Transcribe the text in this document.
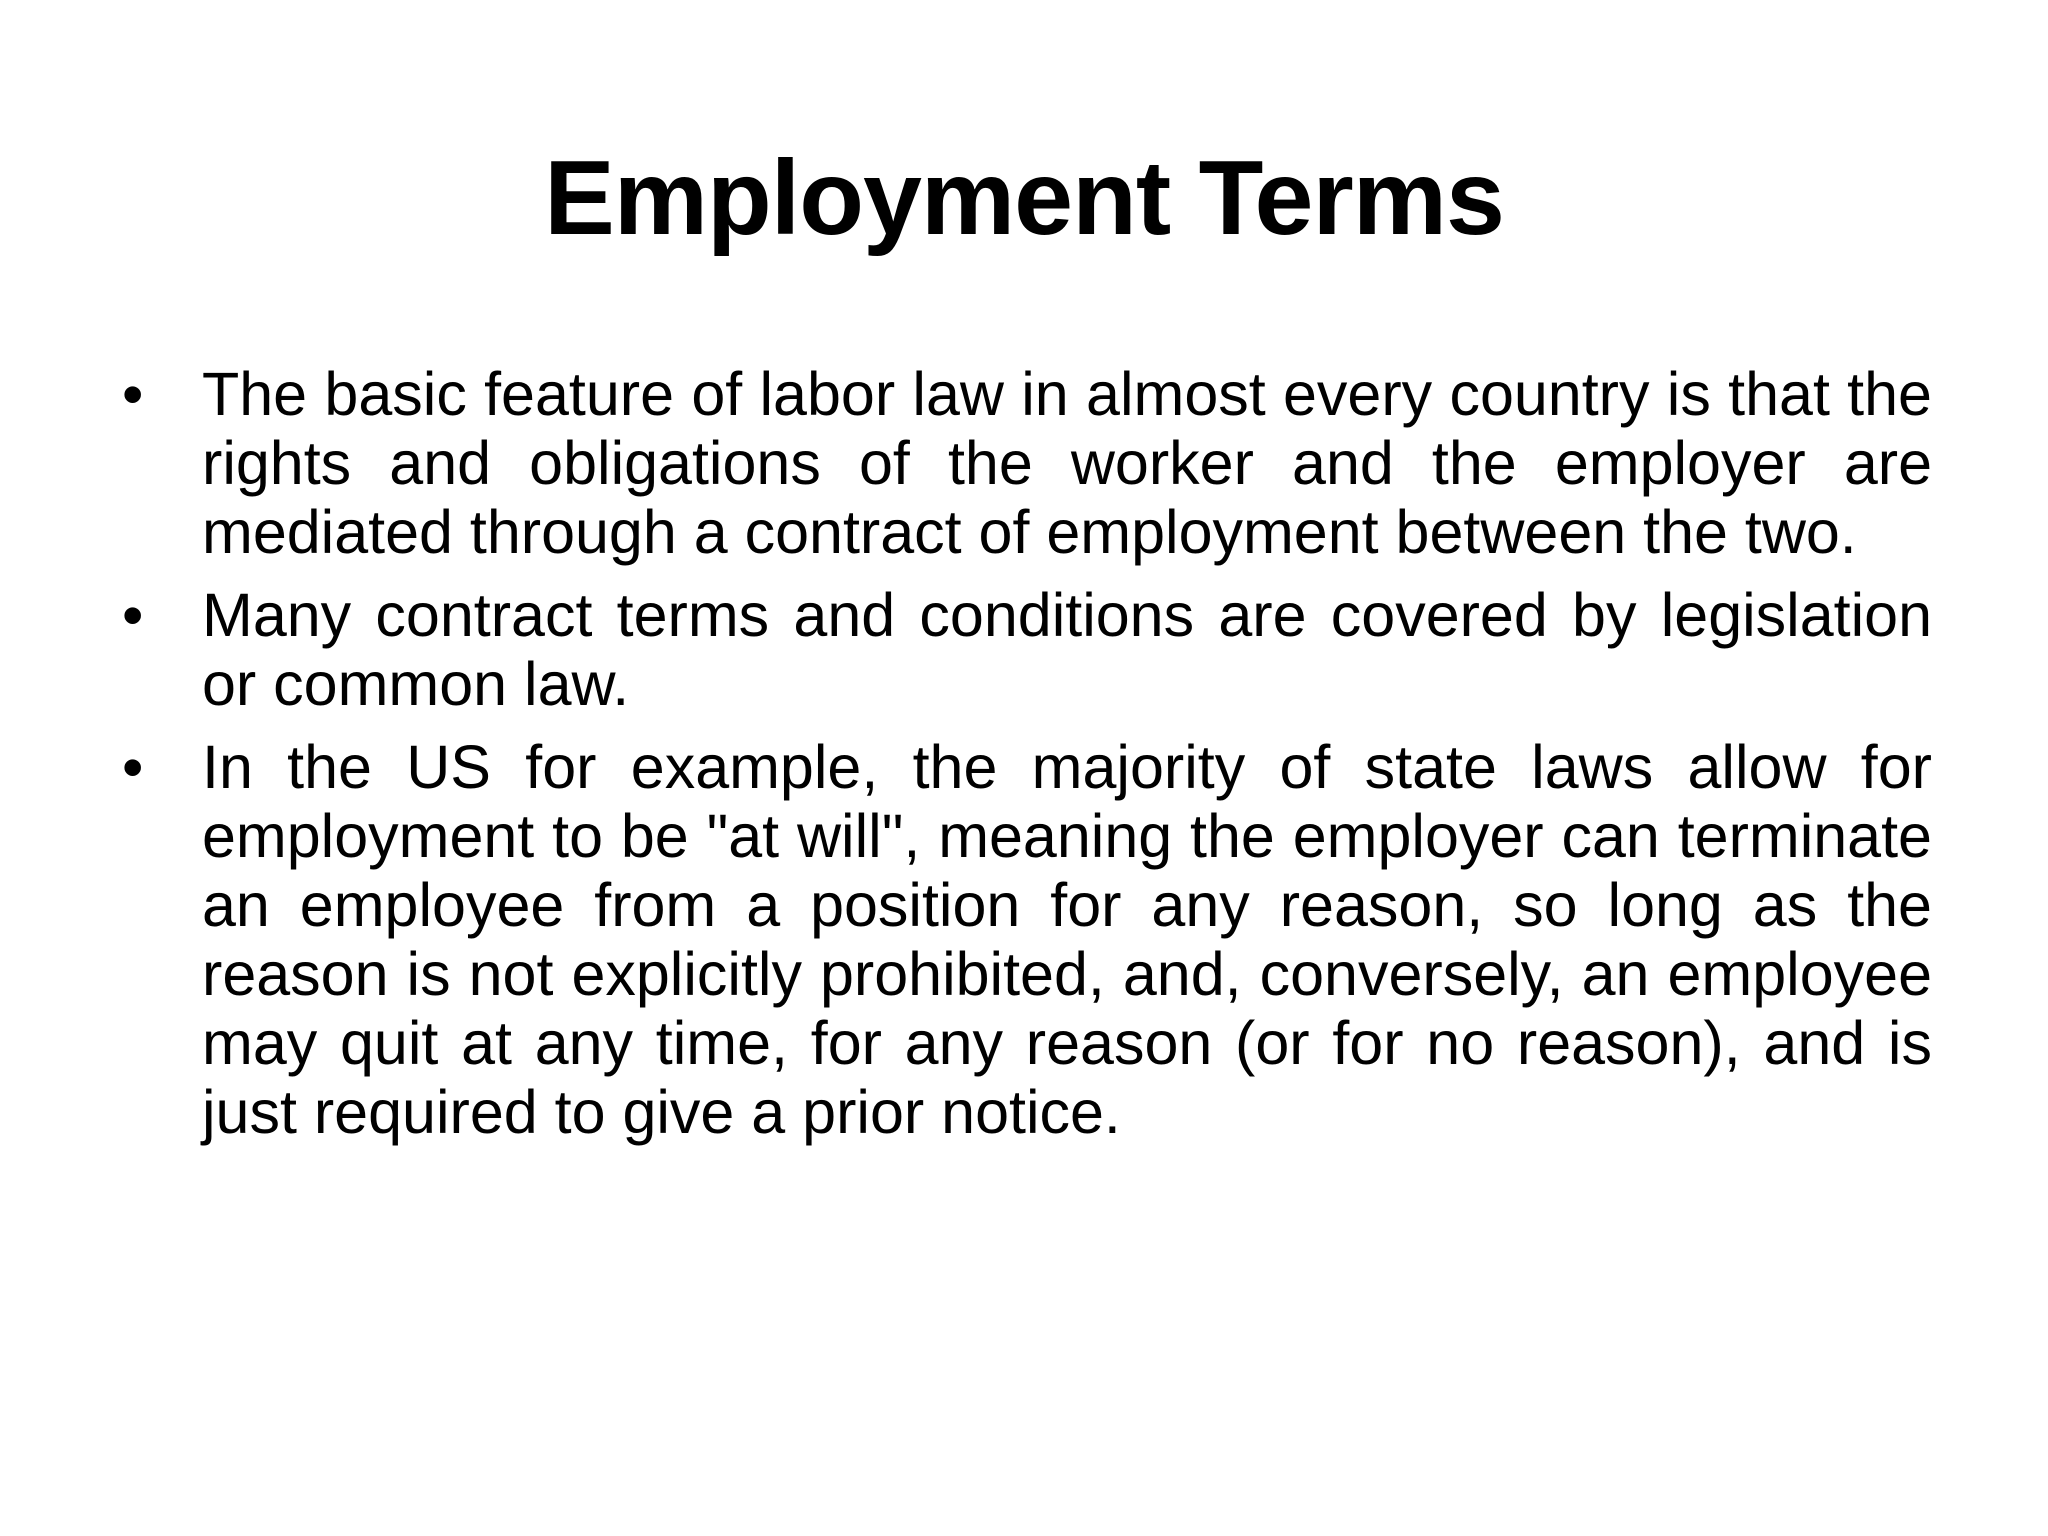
Employment Terms
• The basic feature of labor law in almost every country is that the rights and obligations of the worker and the employer are mediated through a contract of employment between the two.
• Many contract terms and conditions are covered by legislation or common law.
• In the US for example, the majority of state laws allow for employment to be "at will", meaning the employer can terminate an employee from a position for any reason, so long as the reason is not explicitly prohibited, and, conversely, an employee may quit at any time, for any reason (or for no reason), and is just required to give a prior notice.
